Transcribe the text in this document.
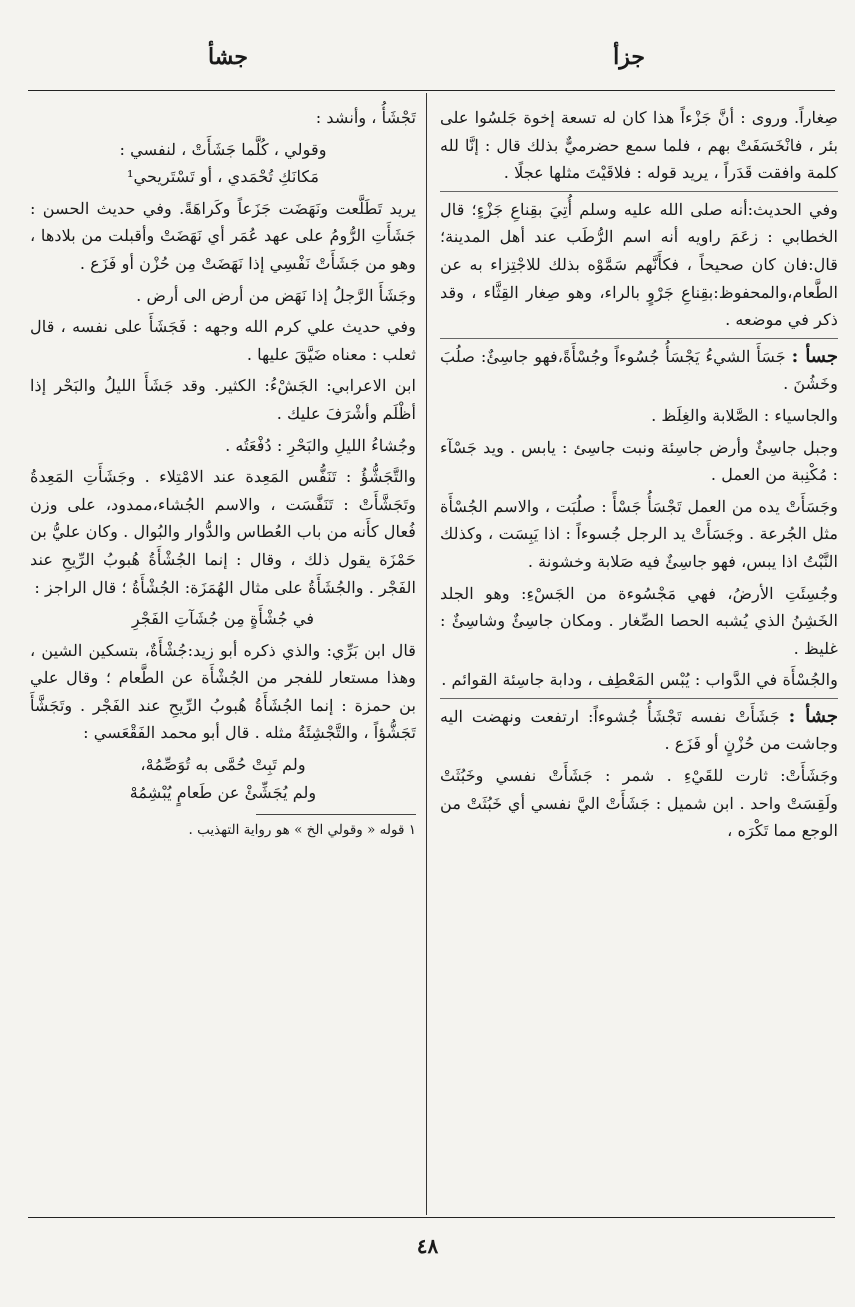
جزأ
جشأ

صِغاراً. وروى : أنَّ جَزْءاً هذا كان له تسعة إخوة جَلسُوا على بئر ، فانْخَسَفَتْ بهم ، فلما سمع حضرميٌّ بذلك قال : إنَّا لله كلمة وافقت قَدَراً ، يريد قوله : فلاقَيْتَ مثلها عجلًا .

وفي الحديث:أنه صلى الله عليه وسلم أُتِيَ بقِناعِ جَزْءٍ؛ قال الخطابي : زعَمَ راويه أنه اسم الرُّطَب عند أهل المدينة؛ قال:فان كان صحيحاً ، فكأَنَّهم سَمَّوْه بذلك للاجْتِزاء به عن الطَّعام،والمحفوظ:بقِناعِ جَرْوٍ بالراء، وهو صِغار القِثَّاء ، وقد ذكر في موضعه .

جسأ : جَسَأَ الشيءُ يَجْسَأُ جُسُوءاً وجُسْأَةً،فهو جاسِئٌ: صلُبَ وخَشُنَ .

والجاسياء : الصَّلابة والغِلَظ .

وجبل جاسِئٌ وأرض جاسِئة ونبت جاسِئ : يابس . ويد جَسْآء : مُكْنِبة من العمل .

وجَسَأَتْ يده من العمل تَجْسَأُ جَسْأً : صلُبَت ، والاسم الجُسْأَة مثل الجُرعة . وجَسَأَتْ يد الرجل جُسوءاً : اذا يَبِسَت ، وكذلك النَّبْتُ اذا يبس، فهو جاسِئٌ فيه صَلابة وخشونة .

وجُسِئَتِ الأرضُ، فهي مَجْسُوءة من الجَسْءِ: وهو الجلد الخَشِنُ الذي يُشبه الحصا الصِّغار . ومكان جاسِئٌ وشاسِئٌ : غليظ .

والجُسْأَة في الدَّواب : يُبْس المَعْطِف ، ودابة جاسِئة القوائم .

جشأ : جَشَأَتْ نفسه تَجْشَأُ جُشوءاً: ارتفعت ونهضت اليه وجاشت من حُزْنٍ أو فَزَع .

وجَشَأَتْ: ثارت للقَيْءِ . شمر : جَشَأَتْ نفسي وخَبُثَتْ ولَقِسَتْ واحد . ابن شميل : جَشَأَتْ اليَّ نفسي أي خَبُثَتْ من الوجع مما تَكْرَه ،

تَجْشَأُ ، وأنشد :

وقولي ، كُلَّما جَشَأَتْ ، لنفسي :
مَكانَكِ تُحْمَدي ، أو تَسْتَريحي¹

يريد تَطَلَّعت ونَهَضَت جَزَعاً وكَراهَةً. وفي حديث الحسن : جَشَأَتِ الرُّومُ على عهد عُمَر أي نَهَضَتْ وأقبلت من بلادها ، وهو من جَشَأَتْ نَفْسِي إذا نَهَضَتْ مِن حُزْن أو فَزَع .

وجَشَأَ الرَّجلُ إذا نَهَض من أرض الى أرض .

وفي حديث علي كرم الله وجهه : فَجَشَأَ على نفسه ، قال ثعلب : معناه ضَيَّقَ عليها .

ابن الاعرابي: الجَشْءُ: الكثير. وقد جَشَأَ الليلُ والبَحْر إذا أظْلَم وأشْرَفَ عليك .

وجُشاءُ الليلِ والبَحْرِ : دُفْعَتُه .

والتَّجَشُّؤُ : تَنَفُّس المَعِدة عند الامْتِلاء . وجَشَأَتِ المَعِدةُ وتَجَشَّأَتْ : تَنَفَّسَت ، والاسم الجُشاء،ممدود، على وزن فُعال كأَنه من باب العُطاس والدُّوار والبُوال . وكان عليُّ بن حَمْزَة يقول ذلك ، وقال : إنما الجُشْأَةُ هُبوبُ الرِّيحِ عند الفَجْر . والجُشَأَةُ على مثال الهُمَزَة: الجُشْأَةُ ؛ قال الراجز :

في جُشْأَةٍ مِن جُشَآتِ الفَجْرِ

قال ابن بَرِّي: والذي ذكره أبو زيد:جُشْأَةٌ، بتسكين الشين ، وهذا مستعار للفجر من الجُشْأَة عن الطَّعام ؛ وقال علي بن حمزة : إنما الجُشَأَةُ هُبوبُ الرِّيحِ عند الفَجْر . وتَجَشَّأَ تَجَشُّؤاً ، والتَّجْشِئَةُ مثله . قال أبو محمد الفَقْعَسي :

ولم تَبِتْ حُمَّى به تُوَصِّمُهْ،
ولم يُجَشِّئْ عن طَعامٍ يُبْشِمُهْ
١ قوله « وقولي الخ » هو رواية التهذيب .
٤٨
